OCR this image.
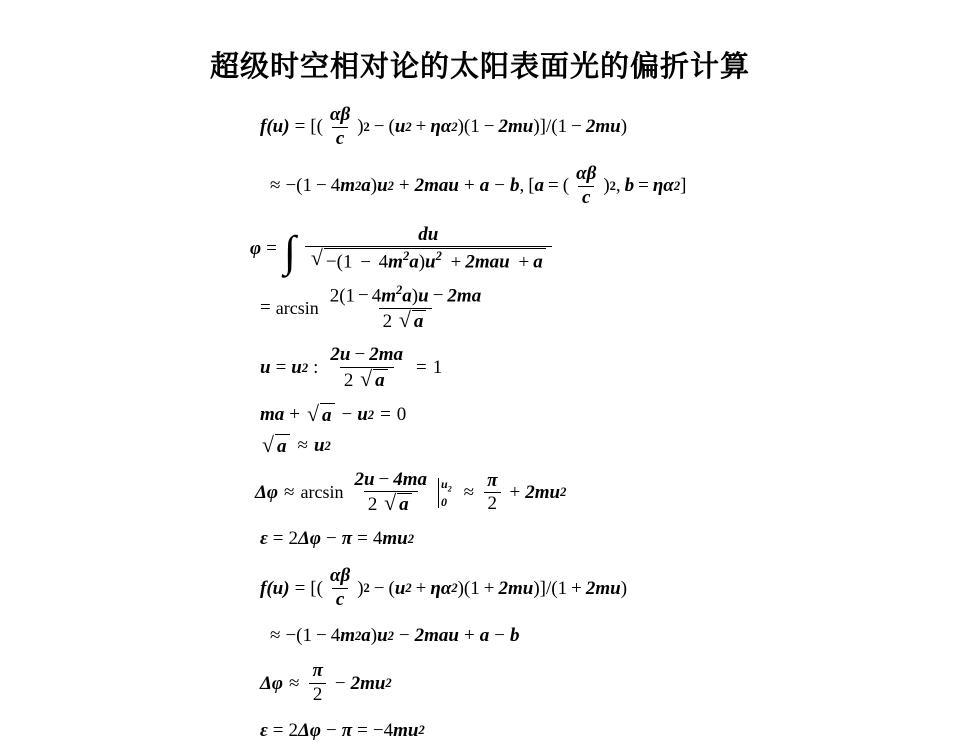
超级时空相对论的太阳表面光的偏折计算
f (u) = [( $\frac{\alpha\beta}{c}$ ) 2 − ( u 2 + ηα 2 )(1 − 2mu )]/(1 − 2mu )
≈ −(1 − 4 m 2 a ) u 2 + 2mau + a − b , [ a = ( $\frac{\alpha\beta}{c}$ ) 2 , b = ηα 2 ]
φ = ∫	du
√ $-(1 - 4m^2a)u^2 + 2mau + a$
= $\arcsin \frac{2(1 - 4m^2a)u - 2ma}{2 √ a}$
u = u 2 : $\frac{2u - 2ma}{2 √ a} = 1$
ma + √ a − u 2 = 0
√ a ≈ u 2
$\Delta\varphi \approx \arcsin \frac{2u - 4ma}{2 √ a} u_2$
$0 \approx \frac{\pi}{2} + 2mu$ 2
ε = 2 Δφ − π = 4 mu 2
f (u) = [( $\frac{\alpha\beta}{c}$ ) 2 − ( u 2 + ηα 2 )(1 + 2mu )]/(1 + 2mu )
≈ −(1 − 4 m 2 a ) u 2 − 2mau + a − b
$\Delta\varphi \approx \frac{\pi}{2} - 2mu$ 2
ε = 2 Δφ − π = −4 mu 2
